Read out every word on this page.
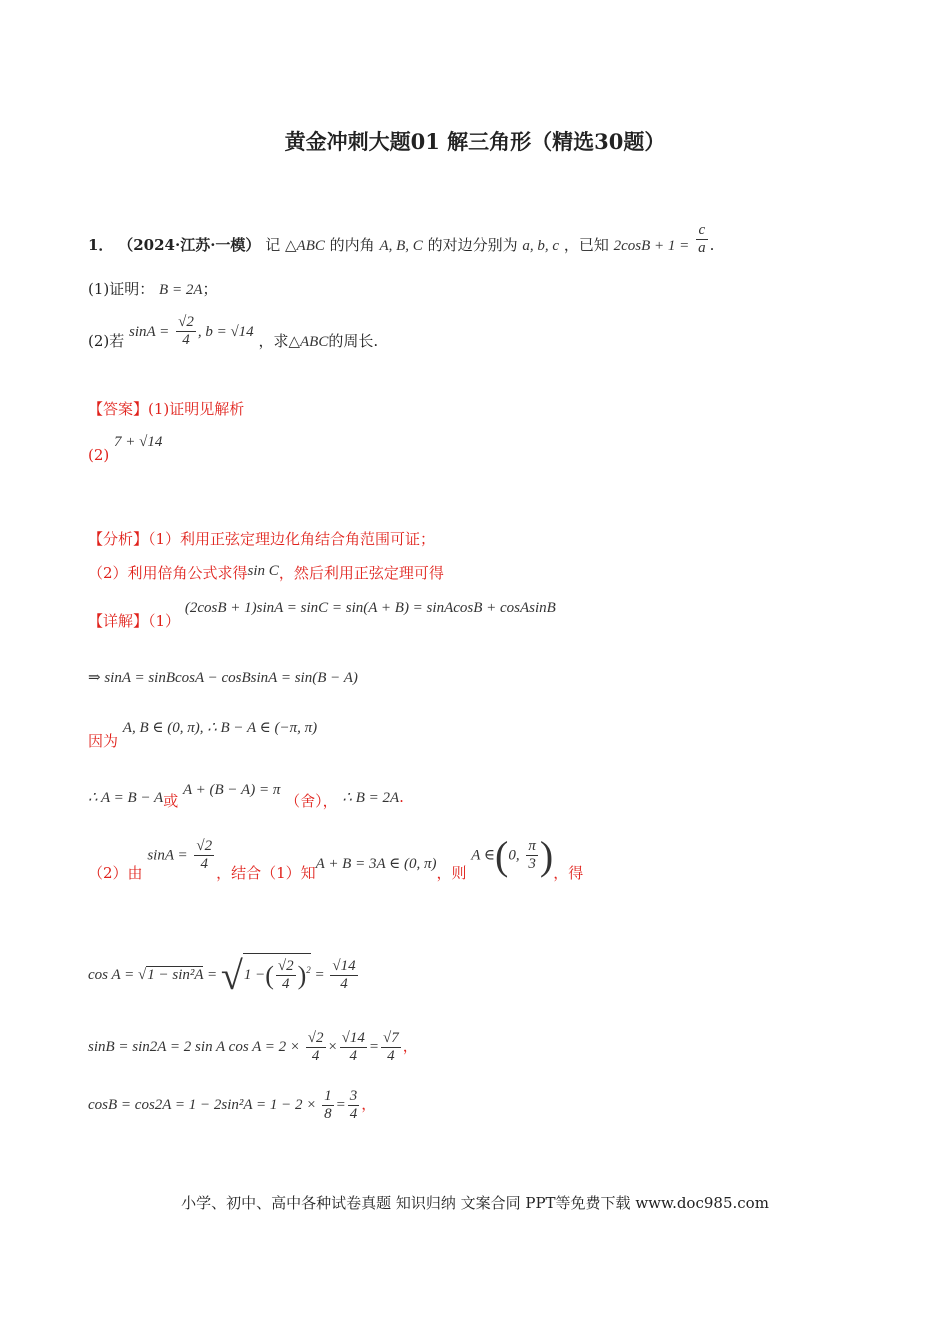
黄金冲刺大题01 解三角形（精选30题）
1． （2024·江苏·一模） 记 △ABC 的内角 A, B, C 的对边分别为 a, b, c ，已知 $2\cos B + 1 = \frac{c}{a}$ .
(1)证明： B = 2A；
(2)若 $\sin A = \frac{√2}{4}$ , b = √14 ，求△ABC的周长.
【答案】(1)证明见解析
(2) 7 + √14
【分析】（1）利用正弦定理边化角结合角范围可证；
（2）利用倍角公式求得sin C，然后利用正弦定理可得
【详解】（1） (2cosB + 1)sinA = sinC = sin(A + B) = sinAcosB + cosAsinB
⇒ sinA = sinBcosA − cosBsinA = sin(B − A)
因为 A, B ∈ (0, π), ∴ B − A ∈ (−π, π)
∴ A = B − A或 A + (B − A) = π （舍）， ∴ B = 2A.
（2）由 $\sin A = \frac{√2}{4}$ ，结合（1）知A + B = 3A ∈ (0, π)，则 A ∈(0, $\frac{\pi}{3}$ )，得
cos A = √1 − sin²A = √1 −( $\frac{√2}{4} )^2 = \frac{√14}{4}$
sinB = sin2A = 2 sin A $\cos A = 2 \times \frac{√2}{4} \times \frac{√14}{4} = \frac{√7}{4}$ ，
$\cos B = \cos 2A = 1 - 2\sin^2A = 1 - 2 \times \frac{1}{8} = \frac{3}{4}$ ，
小学、初中、高中各种试卷真题 知识归纳 文案合同 PPT等免费下载 www.doc985.com
